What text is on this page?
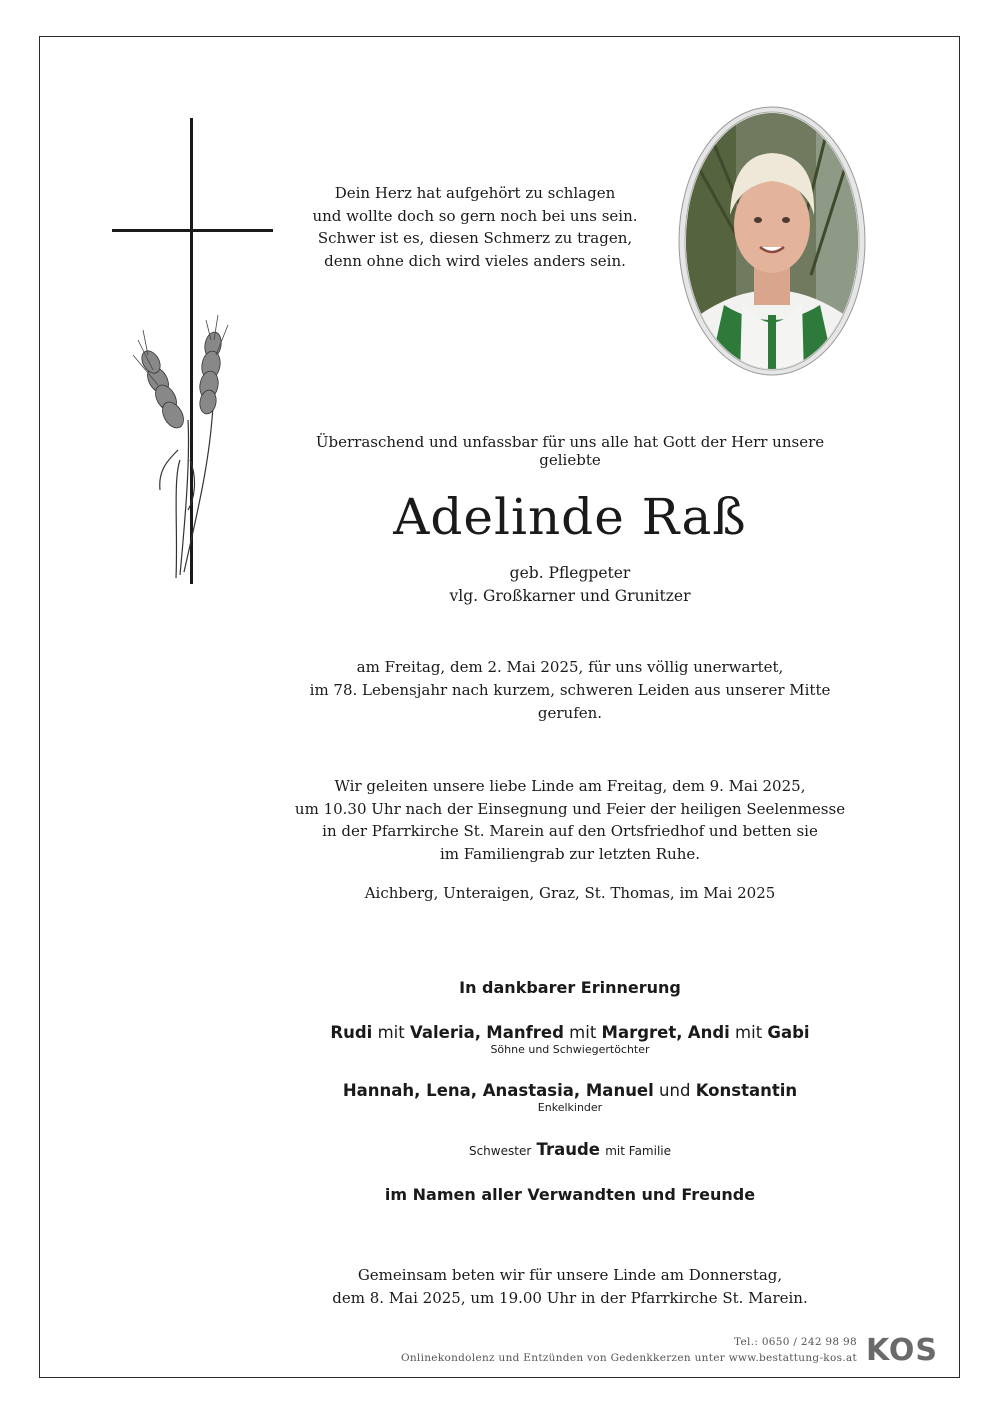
Dein Herz hat aufgehört zu schlagen
und wollte doch so gern noch bei uns sein.
Schwer ist es, diesen Schmerz zu tragen,
denn ohne dich wird vieles anders sein.
Überraschend und unfassbar für uns alle hat Gott der Herr unsere geliebte
Adelinde Raß
geb. Pflegpeter
vlg. Großkarner und Grunitzer
am Freitag, dem 2. Mai 2025, für uns völlig unerwartet,
im 78. Lebensjahr nach kurzem, schweren Leiden aus unserer Mitte gerufen.
Wir geleiten unsere liebe Linde am Freitag, dem 9. Mai 2025,
um 10.30 Uhr nach der Einsegnung und Feier der heiligen Seelenmesse
in der Pfarrkirche St. Marein auf den Ortsfriedhof und betten sie
im Familiengrab zur letzten Ruhe.
Aichberg, Unteraigen, Graz, St. Thomas, im Mai 2025
In dankbarer Erinnerung
Rudi mit Valeria, Manfred mit Margret, Andi mit Gabi
Söhne und Schwiegertöchter
Hannah, Lena, Anastasia, Manuel und Konstantin
Enkelkinder
Schwester Traude mit Familie
im Namen aller Verwandten und Freunde
Gemeinsam beten wir für unsere Linde am Donnerstag,
dem 8. Mai 2025, um 19.00 Uhr in der Pfarrkirche St. Marein.
Tel.: 0650 / 242 98 98
Onlinekondolenz und Entzünden von Gedenkkerzen unter www.bestattung-kos.at KOS
